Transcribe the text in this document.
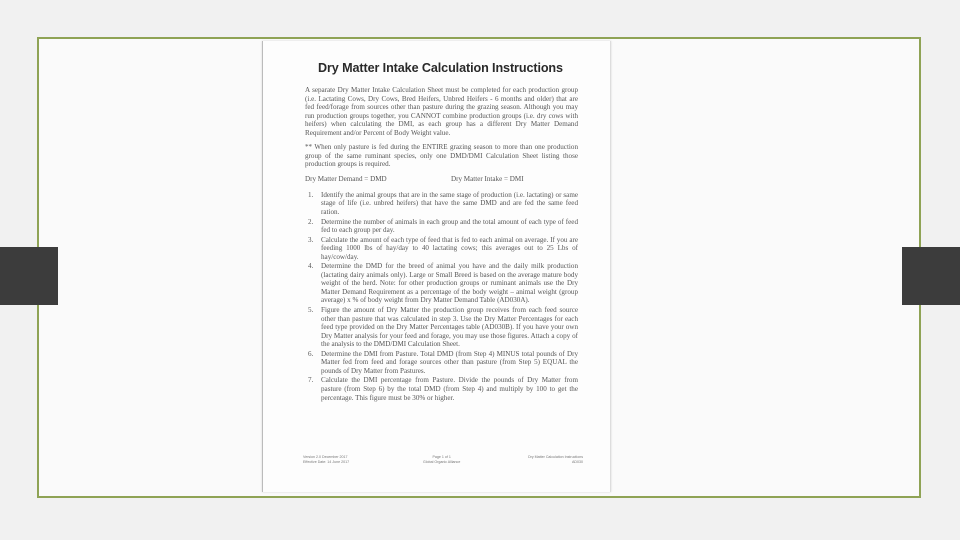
Dry Matter Intake Calculation Instructions

A separate Dry Matter Intake Calculation Sheet must be completed for each production group (i.e. Lactating Cows, Dry Cows, Bred Heifers, Unbred Heifers - 6 months and older) that are fed feed/forage from sources other than pasture during the grazing season. Although you may run production groups together, you CANNOT combine production groups (i.e. dry cows with heifers) when calculating the DMI, as each group has a different Dry Matter Demand Requirement and/or Percent of Body Weight value.

** When only pasture is fed during the ENTIRE grazing season to more than one production group of the same ruminant species, only one DMD/DMI Calculation Sheet listing those production groups is required.

Dry Matter Demand = DMD	Dry Matter Intake = DMI
1. Identify the animal groups that are in the same stage of production (i.e. lactating) or same stage of life (i.e. unbred heifers) that have the same DMD and are fed the same feed ration.
2. Determine the number of animals in each group and the total amount of each type of feed fed to each group per day.
3. Calculate the amount of each type of feed that is fed to each animal on average. If you are feeding 1000 lbs of hay/day to 40 lactating cows; this averages out to 25 Lbs of hay/cow/day.
4. Determine the DMD for the breed of animal you have and the daily milk production (lactating dairy animals only). Large or Small Breed is based on the average mature body weight of the herd. Note: for other production groups or ruminant animals use the Dry Matter Demand Requirement as a percentage of the body weight – animal weight (group average) x % of body weight from Dry Matter Demand Table (AD030A).
5. Figure the amount of Dry Matter the production group receives from each feed source other than pasture that was calculated in step 3. Use the Dry Matter Percentages for each feed type provided on the Dry Matter Percentages table (AD030B). If you have your own Dry Matter analysis for your feed and forage, you may use those figures. Attach a copy of the analysis to the DMD/DMI Calculation Sheet.
6. Determine the DMI from Pasture. Total DMD (from Step 4) MINUS total pounds of Dry Matter fed from feed and forage sources other than pasture (from Step 5) EQUAL the pounds of Dry Matter from Pastures.
7. Calculate the DMI percentage from Pasture. Divide the pounds of Dry Matter from pasture (from Step 6) by the total DMD (from Step 4) and multiply by 100 to get the percentage. This figure must be 30% or higher.
Version 2.0 December 2017
Effective Date: 14 June 2017
Page 1 of 1
Global Organic Alliance
Dry Matter Calculation Instructions
AD030
